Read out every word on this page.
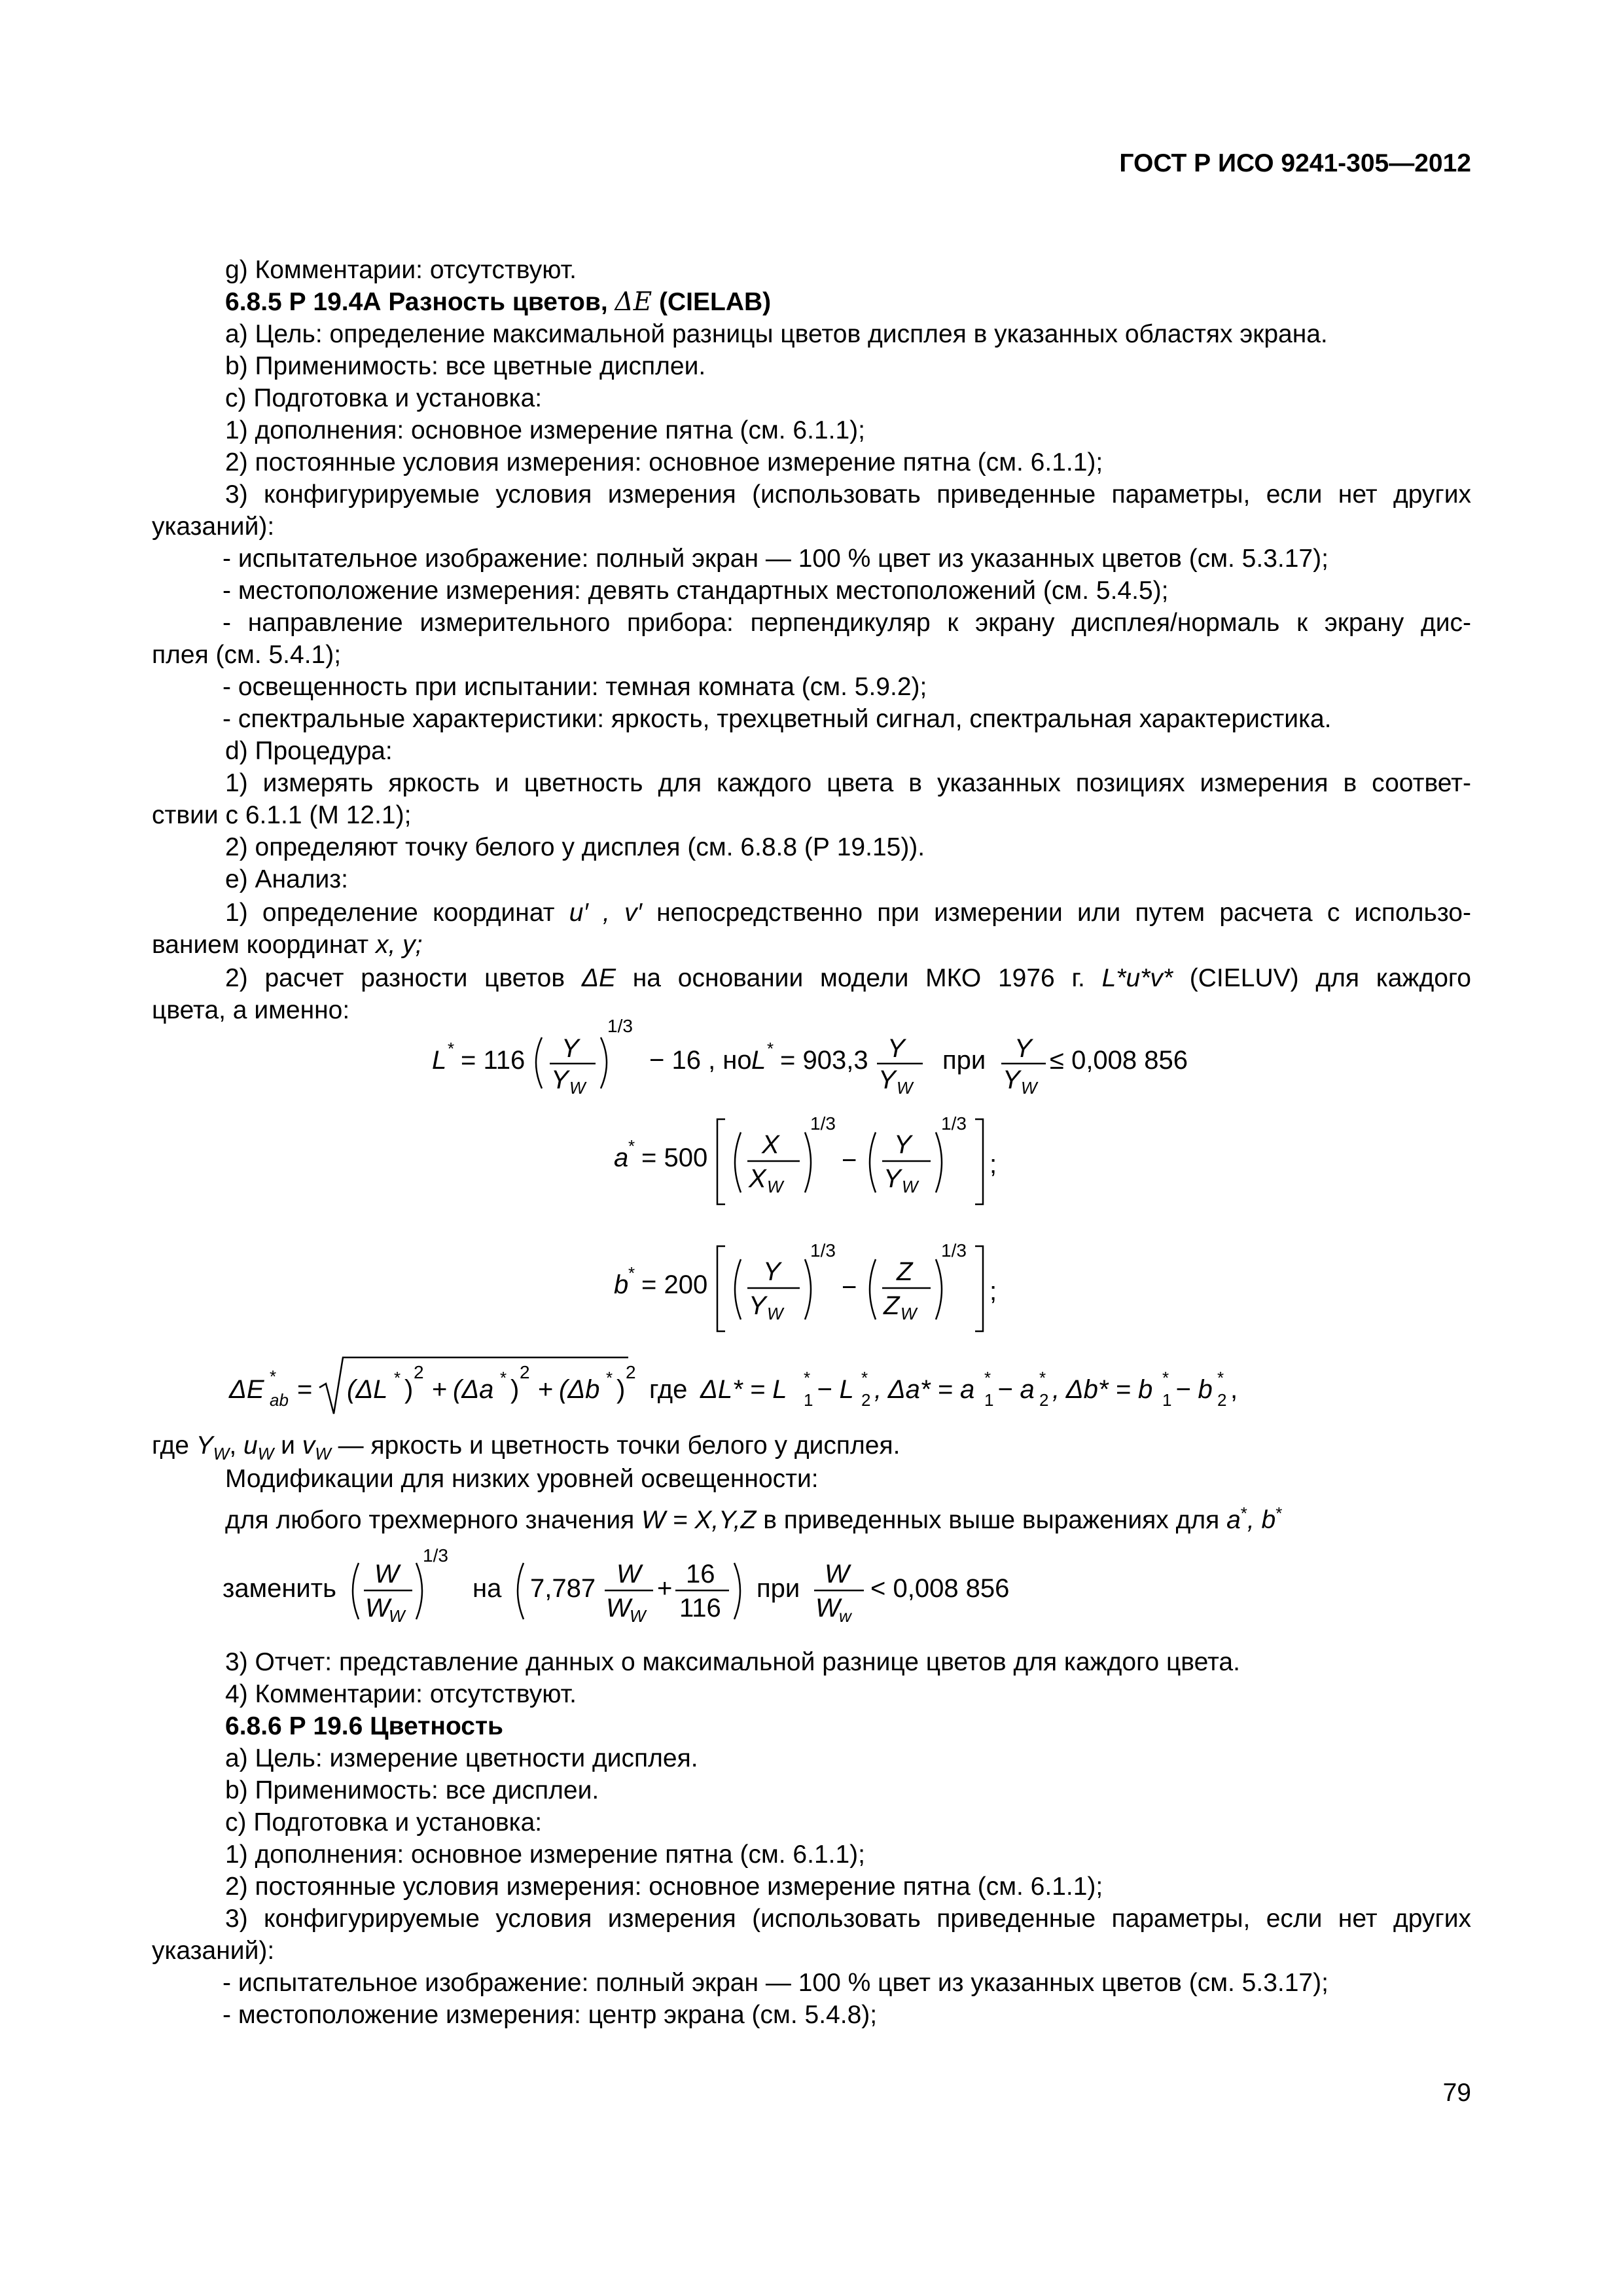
ГОСТ Р ИСО 9241-305—2012
g) Комментарии: отсутствуют.
6.8.5 Р 19.4А Разность цветов, ΔE (CIELAB)
а) Цель: определение максимальной разницы цветов дисплея в указанных областях экрана.
b) Применимость: все цветные дисплеи.
c) Подготовка и установка:
1) дополнения: основное измерение пятна (см. 6.1.1);
2) постоянные условия измерения: основное измерение пятна (см. 6.1.1);
3) конфигурируемые условия измерения (использовать приведенные параметры, если нет других
указаний):
- испытательное изображение: полный экран — 100 % цвет из указанных цветов (см. 5.3.17);
- местоположение измерения: девять стандартных местоположений (см. 5.4.5);
- направление измерительного прибора: перпендикуляр к экрану дисплея/нормаль к экрану дис-
плея (см. 5.4.1);
- освещенность при испытании: темная комната (см. 5.9.2);
- спектральные характеристики: яркость, трехцветный сигнал, спектральная характеристика.
d) Процедура:
1) измерять яркость и цветность для каждого цвета в указанных позициях измерения в соответ-
ствии с 6.1.1 (М 12.1);
2) определяют точку белого у дисплея (см. 6.8.8 (Р 19.15)).
е) Анализ:
1) определение координат u′ , v′ непосредственно при измерении или путем расчета с использо-
ванием координат x, y;
2) расчет разности цветов ΔE на основании модели МКО 1976 г. L*u*v* (CIELUV) для каждого
цвета, а именно:
L * = 116 Y
Y W
1/3
− 16 , но L * = 903,3 Y
Y W
при Y
Y W
≤ 0,008 856
a * = 500 X
X W
1/3
−
Y
Y W
1/3
;
b * = 200 Y
Y W
1/3
−
Z
Z W
1/3
;
ΔE *
ab = (ΔL * )
2
+ (Δa * )
2
+ (Δb * )
2
где ΔL* = L *
1 − L *
2 , Δa* = a *
1 − a *
2 , Δb* = b *
1 − b *
2 ,
где $Y_W$, $u_W$ и $v_W$ — яркость и цветность точки белого у дисплея.
Модификации для низких уровней освещенности:
для любого трехмерного значения W = X,Y,Z в приведенных выше выражениях для a*, b*
заменить W
W
W
1/3
на 7,787 W
W
W
+ 16
116
при W
W
w
< 0,008 856
3) Отчет: представление данных о максимальной разнице цветов для каждого цвета.
4) Комментарии: отсутствуют.
6.8.6 Р 19.6 Цветность
а) Цель: измерение цветности дисплея.
b) Применимость: все дисплеи.
c) Подготовка и установка:
1) дополнения: основное измерение пятна (см. 6.1.1);
2) постоянные условия измерения: основное измерение пятна (см. 6.1.1);
3) конфигурируемые условия измерения (использовать приведенные параметры, если нет других
указаний):
- испытательное изображение: полный экран — 100 % цвет из указанных цветов (см. 5.3.17);
- местоположение измерения: центр экрана (см. 5.4.8);
79
